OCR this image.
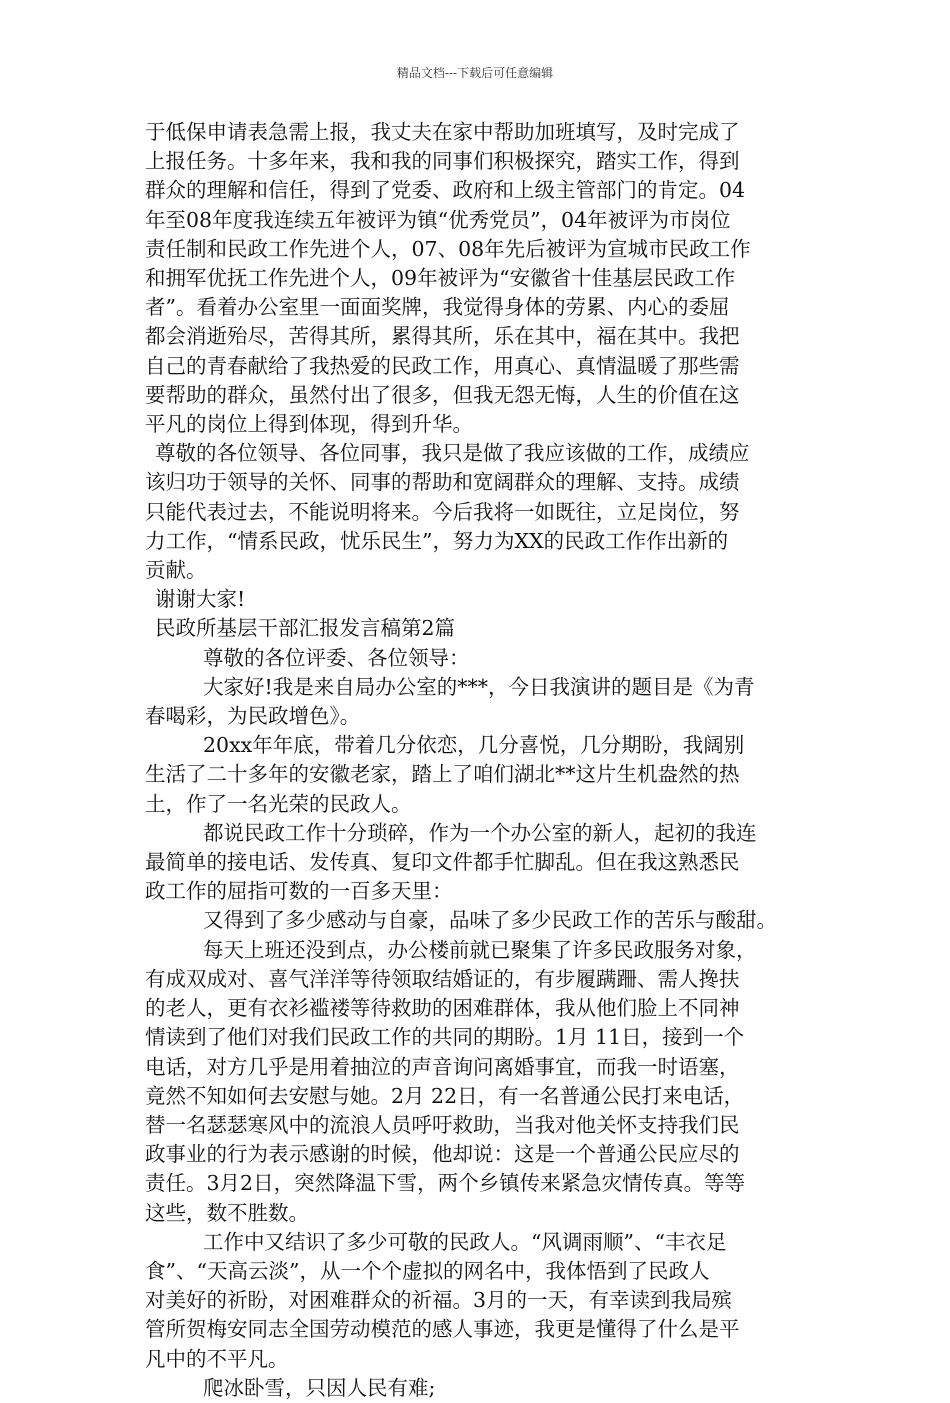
精品文档---下载后可任意编辑

于低保申请表急需上报，我丈夫在家中帮助加班填写，及时完成了

上报任务。十多年来，我和我的同事们积极探究，踏实工作，得到

群众的理解和信任，得到了党委、政府和上级主管部门的肯定。04

年至08年度我连续五年被评为镇“优秀党员”，04年被评为市岗位

责任制和民政工作先进个人，07、08年先后被评为宣城市民政工作

和拥军优抚工作先进个人，09年被评为“安徽省十佳基层民政工作

者”。看着办公室里一面面奖牌，我觉得身体的劳累、内心的委屈

都会消逝殆尽，苦得其所，累得其所，乐在其中，福在其中。我把

自己的青春献给了我热爱的民政工作，用真心、真情温暖了那些需

要帮助的群众，虽然付出了很多，但我无怨无悔，人生的价值在这

平凡的岗位上得到体现，得到升华。

尊敬的各位领导、各位同事，我只是做了我应该做的工作，成绩应

该归功于领导的关怀、同事的帮助和宽阔群众的理解、支持。成绩

只能代表过去，不能说明将来。今后我将一如既往，立足岗位，努

力工作，“情系民政，忧乐民生”，努力为XX的民政工作作出新的

贡献。

谢谢大家!

民政所基层干部汇报发言稿第2篇

尊敬的各位评委、各位领导：

大家好!我是来自局办公室的***，今日我演讲的题目是《为青

春喝彩，为民政增色》。

20xx年年底，带着几分依恋，几分喜悦，几分期盼，我阔别

生活了二十多年的安徽老家，踏上了咱们湖北**这片生机盎然的热

土，作了一名光荣的民政人。

都说民政工作十分琐碎，作为一个办公室的新人，起初的我连

最简单的接电话、发传真、复印文件都手忙脚乱。但在我这熟悉民

政工作的屈指可数的一百多天里：

又得到了多少感动与自豪，品味了多少民政工作的苦乐与酸甜。

每天上班还没到点，办公楼前就已聚集了许多民政服务对象，

有成双成对、喜气洋洋等待领取结婚证的，有步履蹒跚、需人搀扶

的老人，更有衣衫褴褛等待救助的困难群体，我从他们脸上不同神

情读到了他们对我们民政工作的共同的期盼。1月 11日，接到一个

电话，对方几乎是用着抽泣的声音询问离婚事宜，而我一时语塞，

竟然不知如何去安慰与她。2月 22日，有一名普通公民打来电话，

替一名瑟瑟寒风中的流浪人员呼吁救助，当我对他关怀支持我们民

政事业的行为表示感谢的时候，他却说：这是一个普通公民应尽的

责任。3月2日，突然降温下雪，两个乡镇传来紧急灾情传真。等等

这些，数不胜数。

工作中又结识了多少可敬的民政人。“风调雨顺”、“丰衣足

食”、“天高云淡”，从一个个虚拟的网名中，我体悟到了民政人

对美好的祈盼，对困难群众的祈福。3月的一天，有幸读到我局殡

管所贺梅安同志全国劳动模范的感人事迹，我更是懂得了什么是平

凡中的不平凡。

爬冰卧雪，只因人民有难;
